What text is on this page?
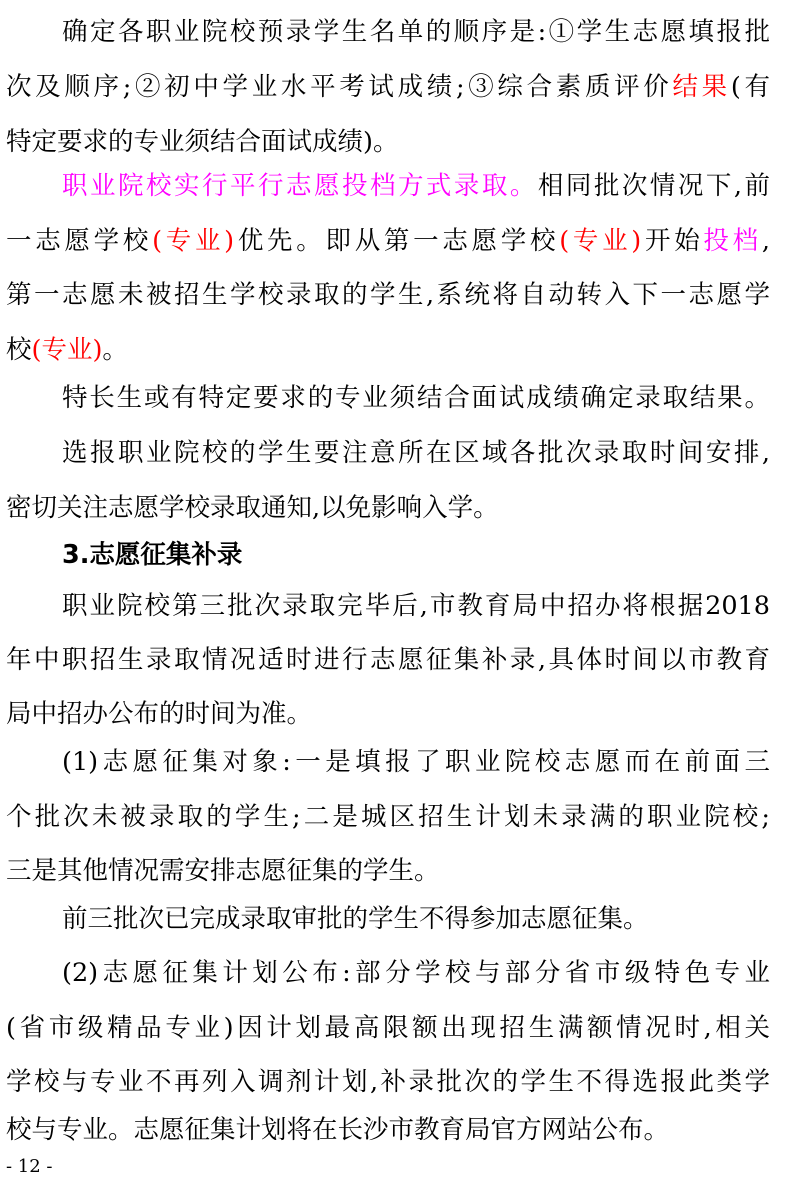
确定各职业院校预录学生名单的顺序是:①学生志愿填报批
次及顺序;②初中学业水平考试成绩;③综合素质评价结果(有
特定要求的专业须结合面试成绩)。
职业院校实行平行志愿投档方式录取。相同批次情况下,前
一志愿学校(专业)优先。即从第一志愿学校(专业)开始投档,
第一志愿未被招生学校录取的学生,系统将自动转入下一志愿学
校(专业)。
特长生或有特定要求的专业须结合面试成绩确定录取结果。
选报职业院校的学生要注意所在区域各批次录取时间安排,
密切关注志愿学校录取通知,以免影响入学。
3.志愿征集补录
职业院校第三批次录取完毕后,市教育局中招办将根据2018
年中职招生录取情况适时进行志愿征集补录,具体时间以市教育
局中招办公布的时间为准。
(1)志愿征集对象:一是填报了职业院校志愿而在前面三
个批次未被录取的学生;二是城区招生计划未录满的职业院校;
三是其他情况需安排志愿征集的学生。
前三批次已完成录取审批的学生不得参加志愿征集。
(2)志愿征集计划公布:部分学校与部分省市级特色专业
(省市级精品专业)因计划最高限额出现招生满额情况时,相关
学校与专业不再列入调剂计划,补录批次的学生不得选报此类学
校与专业。志愿征集计划将在长沙市教育局官方网站公布。
- 12 -
